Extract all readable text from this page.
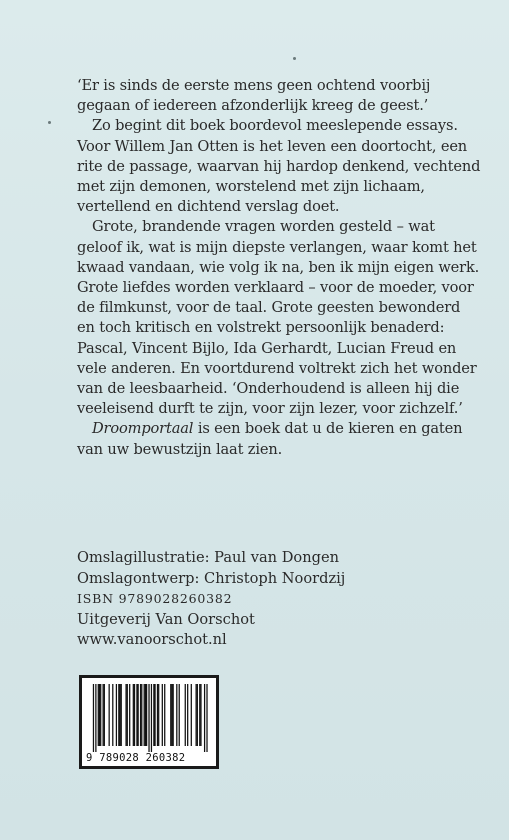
‘Er is sinds de eerste mens geen ochtend voorbij gegaan of iedereen afzonderlijk kreeg de geest.’

Zo begint dit boek boordevol meeslepende essays. Voor Willem Jan Otten is het leven een doortocht, een rite de passage, waarvan hij hardop denkend, vechtend met zijn demonen, worstelend met zijn lichaam, vertellend en dichtend verslag doet.

Grote, brandende vragen worden gesteld – wat geloof ik, wat is mijn diepste verlangen, waar komt het kwaad vandaan, wie volg ik na, ben ik mijn eigen werk. Grote liefdes worden verklaard – voor de moeder, voor de filmkunst, voor de taal. Grote geesten bewonderd en toch kritisch en volstrekt persoonlijk benaderd: Pascal, Vincent Bijlo, Ida Gerhardt, Lucian Freud en vele anderen. En voortdurend voltrekt zich het wonder van de leesbaarheid. ‘Onderhoudend is alleen hij die veeleisend durft te zijn, voor zijn lezer, voor zichzelf.’

Droomportaal is een boek dat u de kieren en gaten van uw bewustzijn laat zien.

Omslagillustratie: Paul van Dongen
Omslagontwerp: Christoph Noordzij
ISBN 9789028260382
Uitgeverij Van Oorschot
www.vanoorschot.nl
9 789028 260382
